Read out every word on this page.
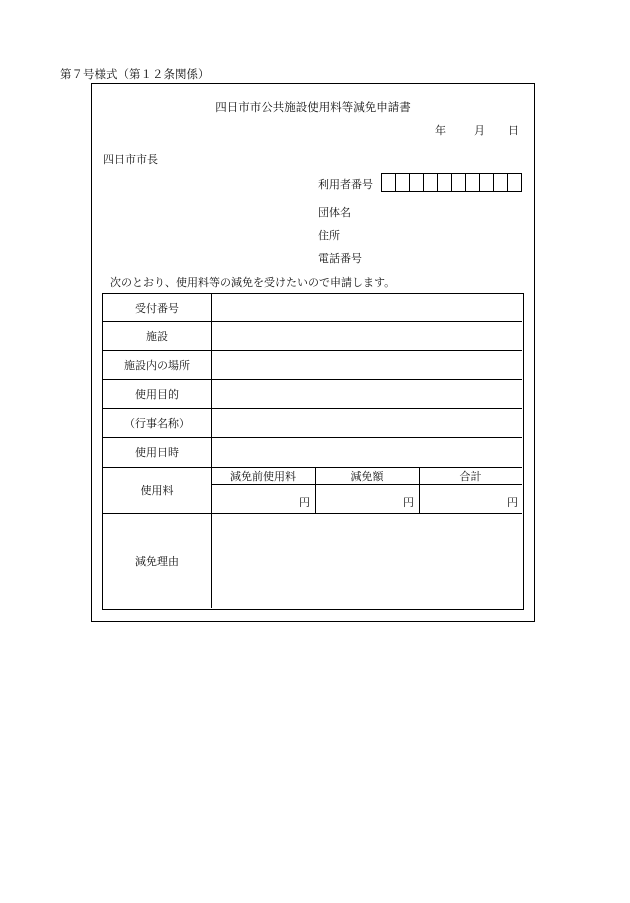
第７号様式（第１２条関係）
四日市市公共施設使用料等減免申請書
年	月 日
四日市市長
利用者番号
団体名
住所
電話番号
次のとおり、使用料等の減免を受けたいので申請します。
受付番号
施設
施設内の場所
使用目的
（行事名称）
使用日時
使用料
減免前使用料	減免額	合計
円	円	円
減免理由
